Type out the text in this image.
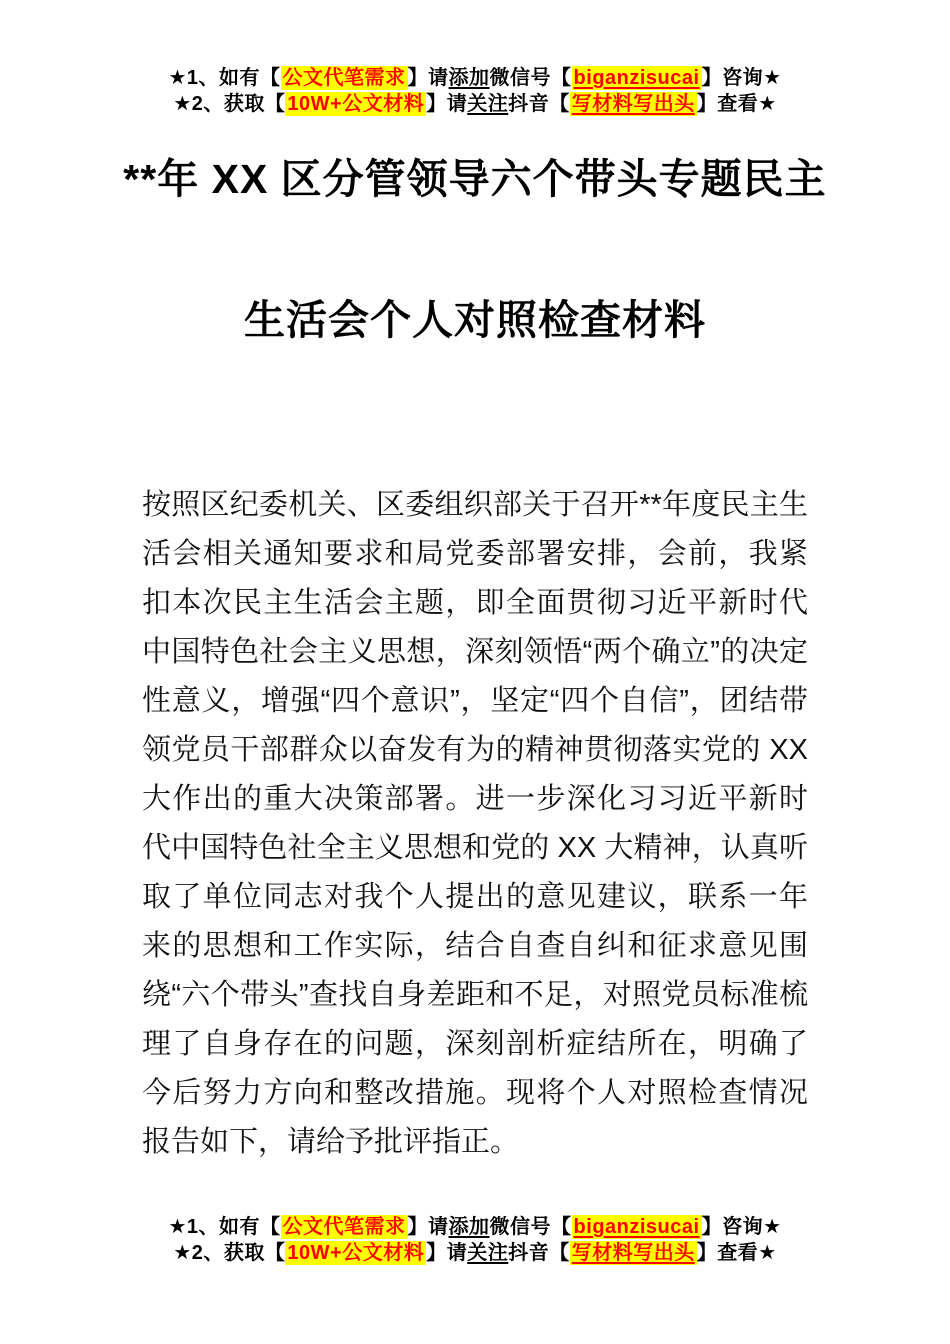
★1、如有【 公文代笔需求 】请添加微信号【 biganzisucai 】咨询★
★2、获取【 10W+公文材料 】请关注抖音【 写材料写出头 】查看★
**年 XX 区分管领导六个带头专题民主
生活会个人对照检查材料
按照区纪委机关、区委组织部关于召开**年度民主生活会相关通知要求和局党委部署安排，会前，我紧扣本次民主生活会主题，即全面贯彻习近平新时代中国特色社会主义思想，深刻领悟“两个确立”的决定性意义，增强“四个意识”，坚定“四个自信”，团结带领党员干部群众以奋发有为的精神贯彻落实党的 XX 大作出的重大决策部署。进一步深化习习近平新时代中国特色社全主义思想和党的 XX 大精神，认真听取了单位同志对我个人提出的意见建议，联系一年来的思想和工作实际，结合自查自纠和征求意见围绕“六个带头”查找自身差距和不足，对照党员标准梳理了自身存在的问题，深刻剖析症结所在，明确了今后努力方向和整改措施。现将个人对照检查情况报告如下，请给予批评指正。
★1、如有【 公文代笔需求 】请添加微信号【 biganzisucai 】咨询★
★2、获取【 10W+公文材料 】请关注抖音【 写材料写出头 】查看★
